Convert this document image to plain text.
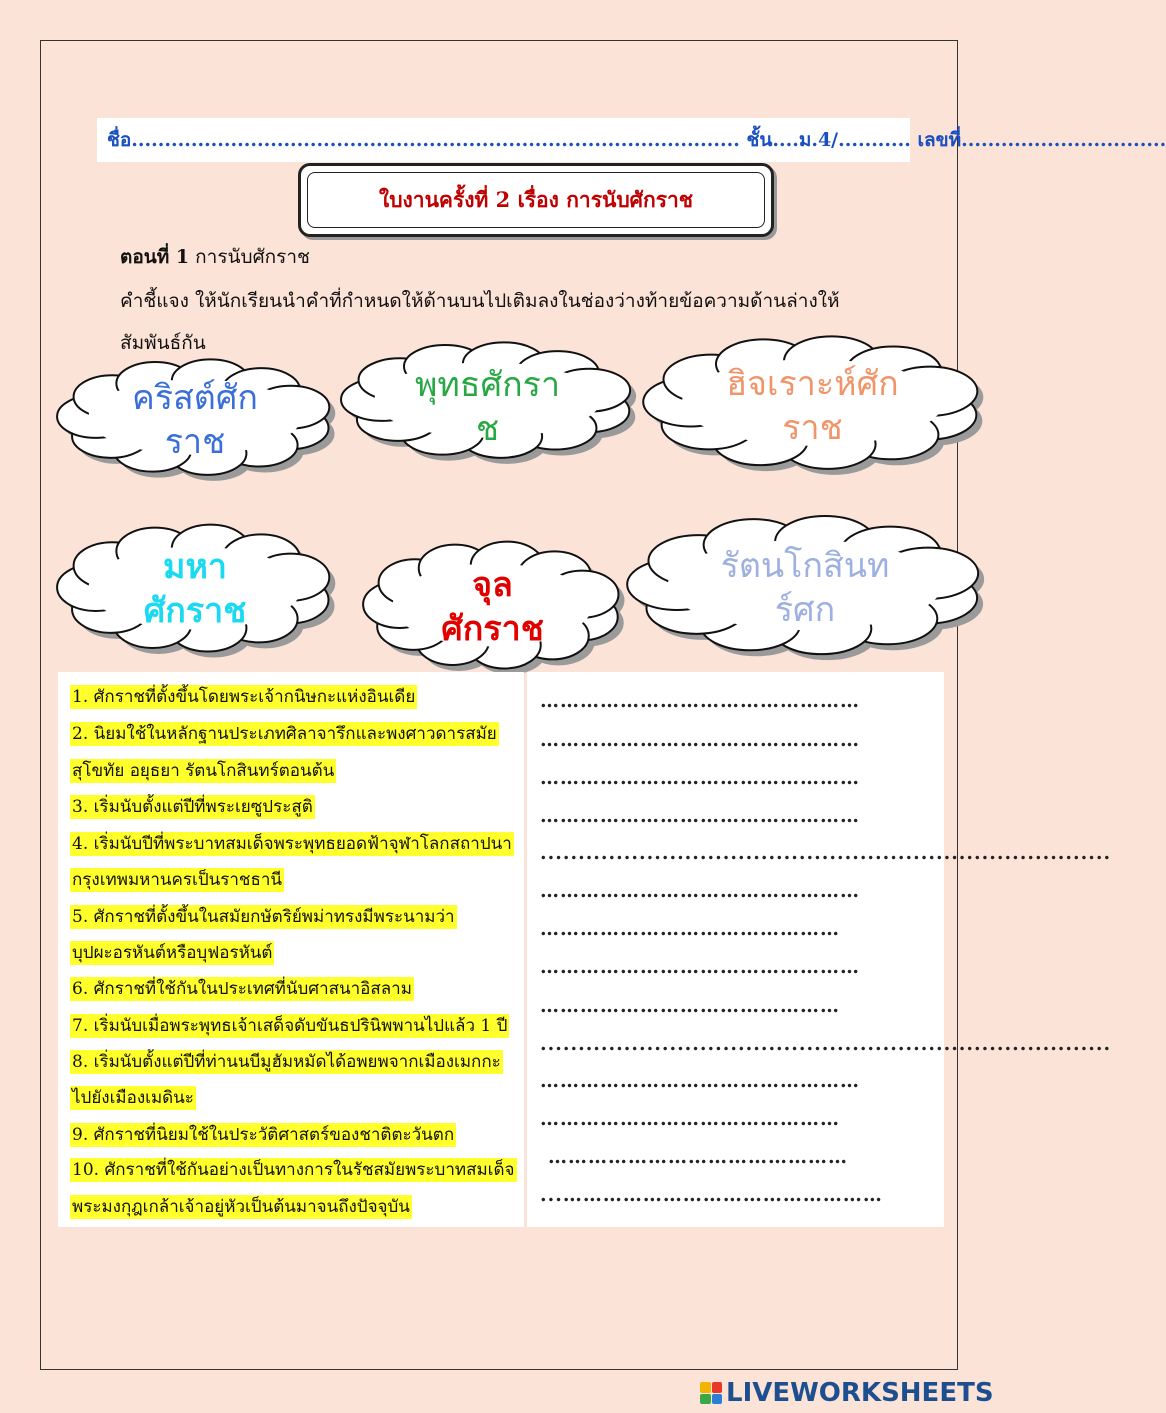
ชื่อ............................................................................................ ชั้น....ม.4/........... เลขที่...............................
ใบงานครั้งที่ 2 เรื่อง การนับศักราช
ตอนที่ 1 การนับศักราช
คำชี้แจง ให้นักเรียนนำคำที่กำหนดให้ด้านบนไปเติมลงในช่องว่างท้ายข้อความด้านล่างให้สัมพันธ์กัน
คริสต์ศัก
ราช
พุทธศักรา
ช
ฮิจเราะห์ศัก
ราช
มหา
ศักราช
จุล
ศักราช
รัตนโกสินท
ร์ศก
1. ศักราชที่ตั้งขึ้นโดยพระเจ้ากนิษกะแห่งอินเดีย
2. นิยมใช้ในหลักฐานประเภทศิลาจารึกและพงศาวดารสมัย
สุโขทัย อยุธยา รัตนโกสินทร์ตอนต้น
3. เริ่มนับตั้งแต่ปีที่พระเยซูประสูติ
4. เริ่มนับปีที่พระบาทสมเด็จพระพุทธยอดฟ้าจุฬาโลกสถาปนา
กรุงเทพมหานครเป็นราชธานี
5. ศักราชที่ตั้งขึ้นในสมัยกษัตริย์พม่าทรงมีพระนามว่า
บุปผะอรหันต์หรือบุฟอรหันต์
6. ศักราชที่ใช้กันในประเทศที่นับศาสนาอิสลาม
7. เริ่มนับเมื่อพระพุทธเจ้าเสด็จดับขันธปรินิพพานไปแล้ว 1 ปี
8. เริ่มนับตั้งแต่ปีที่ท่านนบีมูฮัมหมัดได้อพยพจากเมืองเมกกะ
ไปยังเมืองเมดินะ
9. ศักราชที่นิยมใช้ในประวัติศาสตร์ของชาติตะวันตก
10. ศักราชที่ใช้กันอย่างเป็นทางการในรัชสมัยพระบาทสมเด็จ
พระมงกุฎเกล้าเจ้าอยู่หัวเป็นต้นมาจนถึงปัจจุบัน
…………………………………………
…………………………………………
…………………………………………
…………………………………………
...........................................................................
…………………………………………
………………………………………
…………………………………………
………………………………………
...........................................................................
…………………………………………
………………………………………
………………………………………
...…………………………………………
LIVEWORKSHEETS
